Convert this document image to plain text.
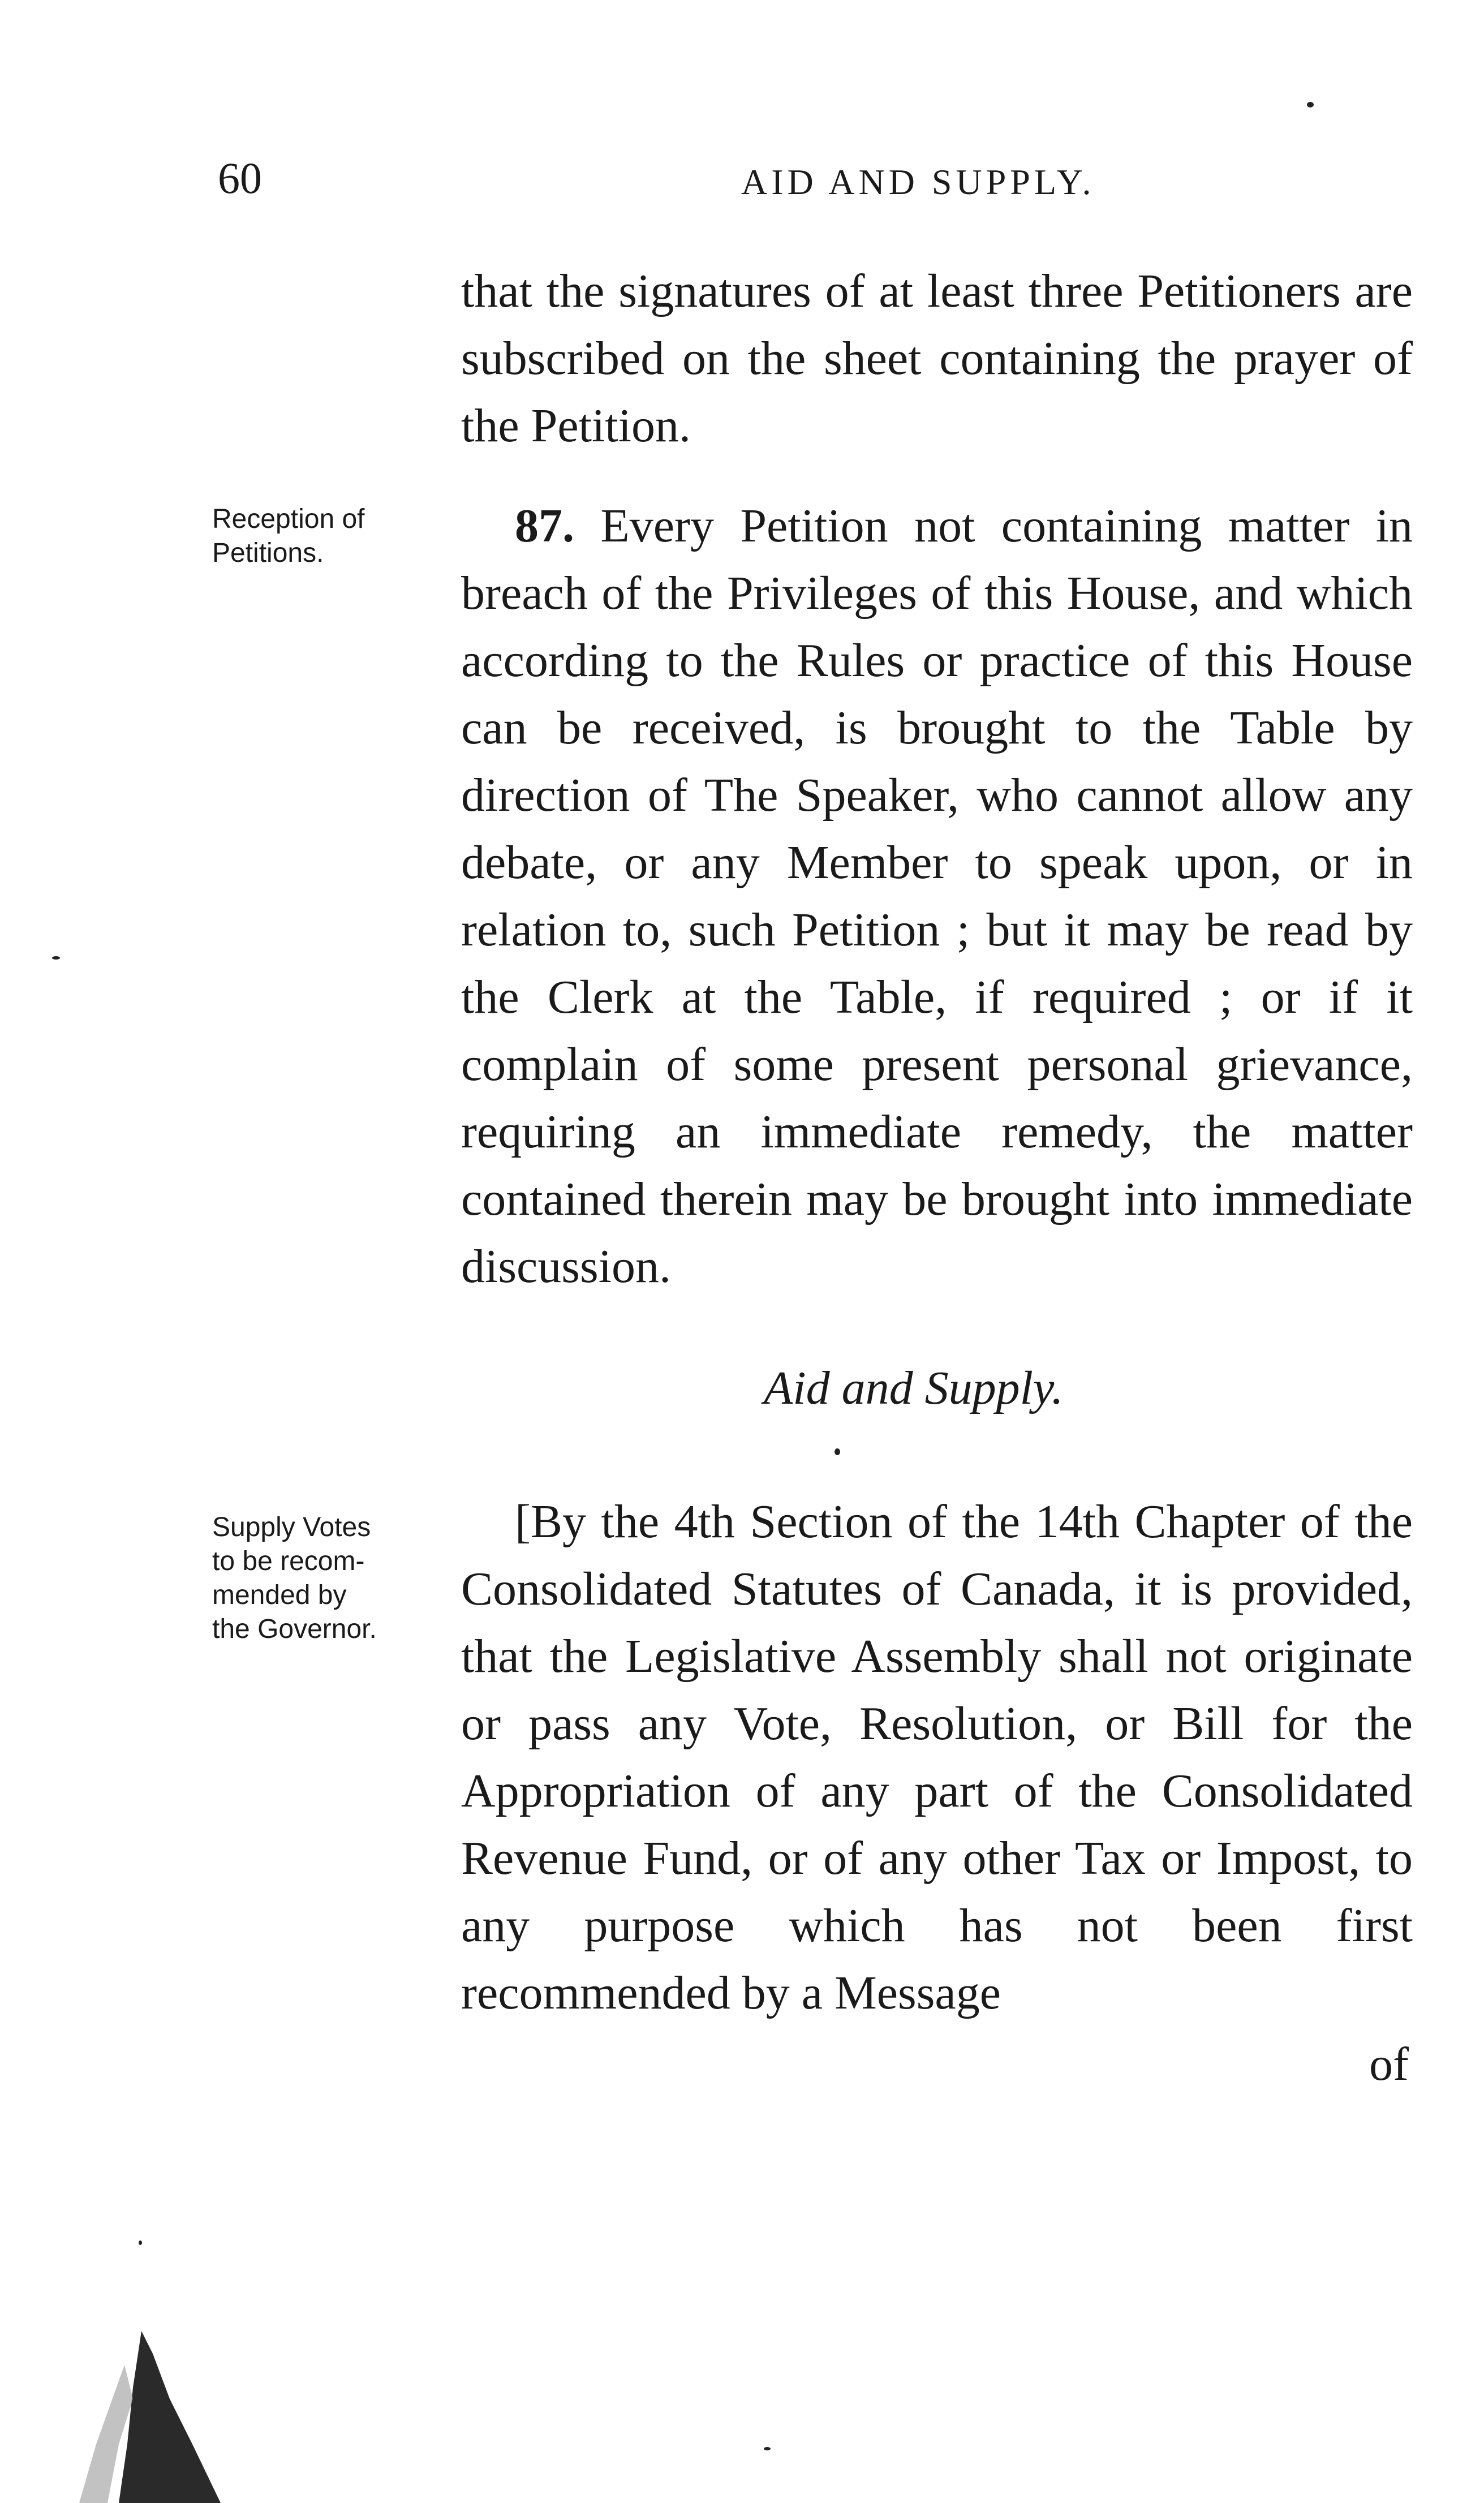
60	AID AND SUPPLY.
that the signatures of at least three Petitioners are subscribed on the sheet containing the prayer of the Petition.
Reception of
Petitions.
87. Every Petition not containing matter in breach of the Privileges of this House, and which according to the Rules or practice of this House can be received, is brought to the Table by direction of The Speaker, who cannot allow any debate, or any Member to speak upon, or in relation to, such Petition ; but it may be read by the Clerk at the Table, if required ; or if it complain of some present personal grievance, requiring an immediate remedy, the matter contained therein may be brought into immediate discussion.
Aid and Supply.
Supply Votes
to be recom-
mended by
the Governor.
[By the 4th Section of the 14th Chapter of the Consolidated Statutes of Canada, it is provided, that the Legislative Assembly shall not originate or pass any Vote, Resolution, or Bill for the Appropriation of any part of the Consolidated Revenue Fund, or of any other Tax or Impost, to any purpose which has not been first recommended by a Message
of
